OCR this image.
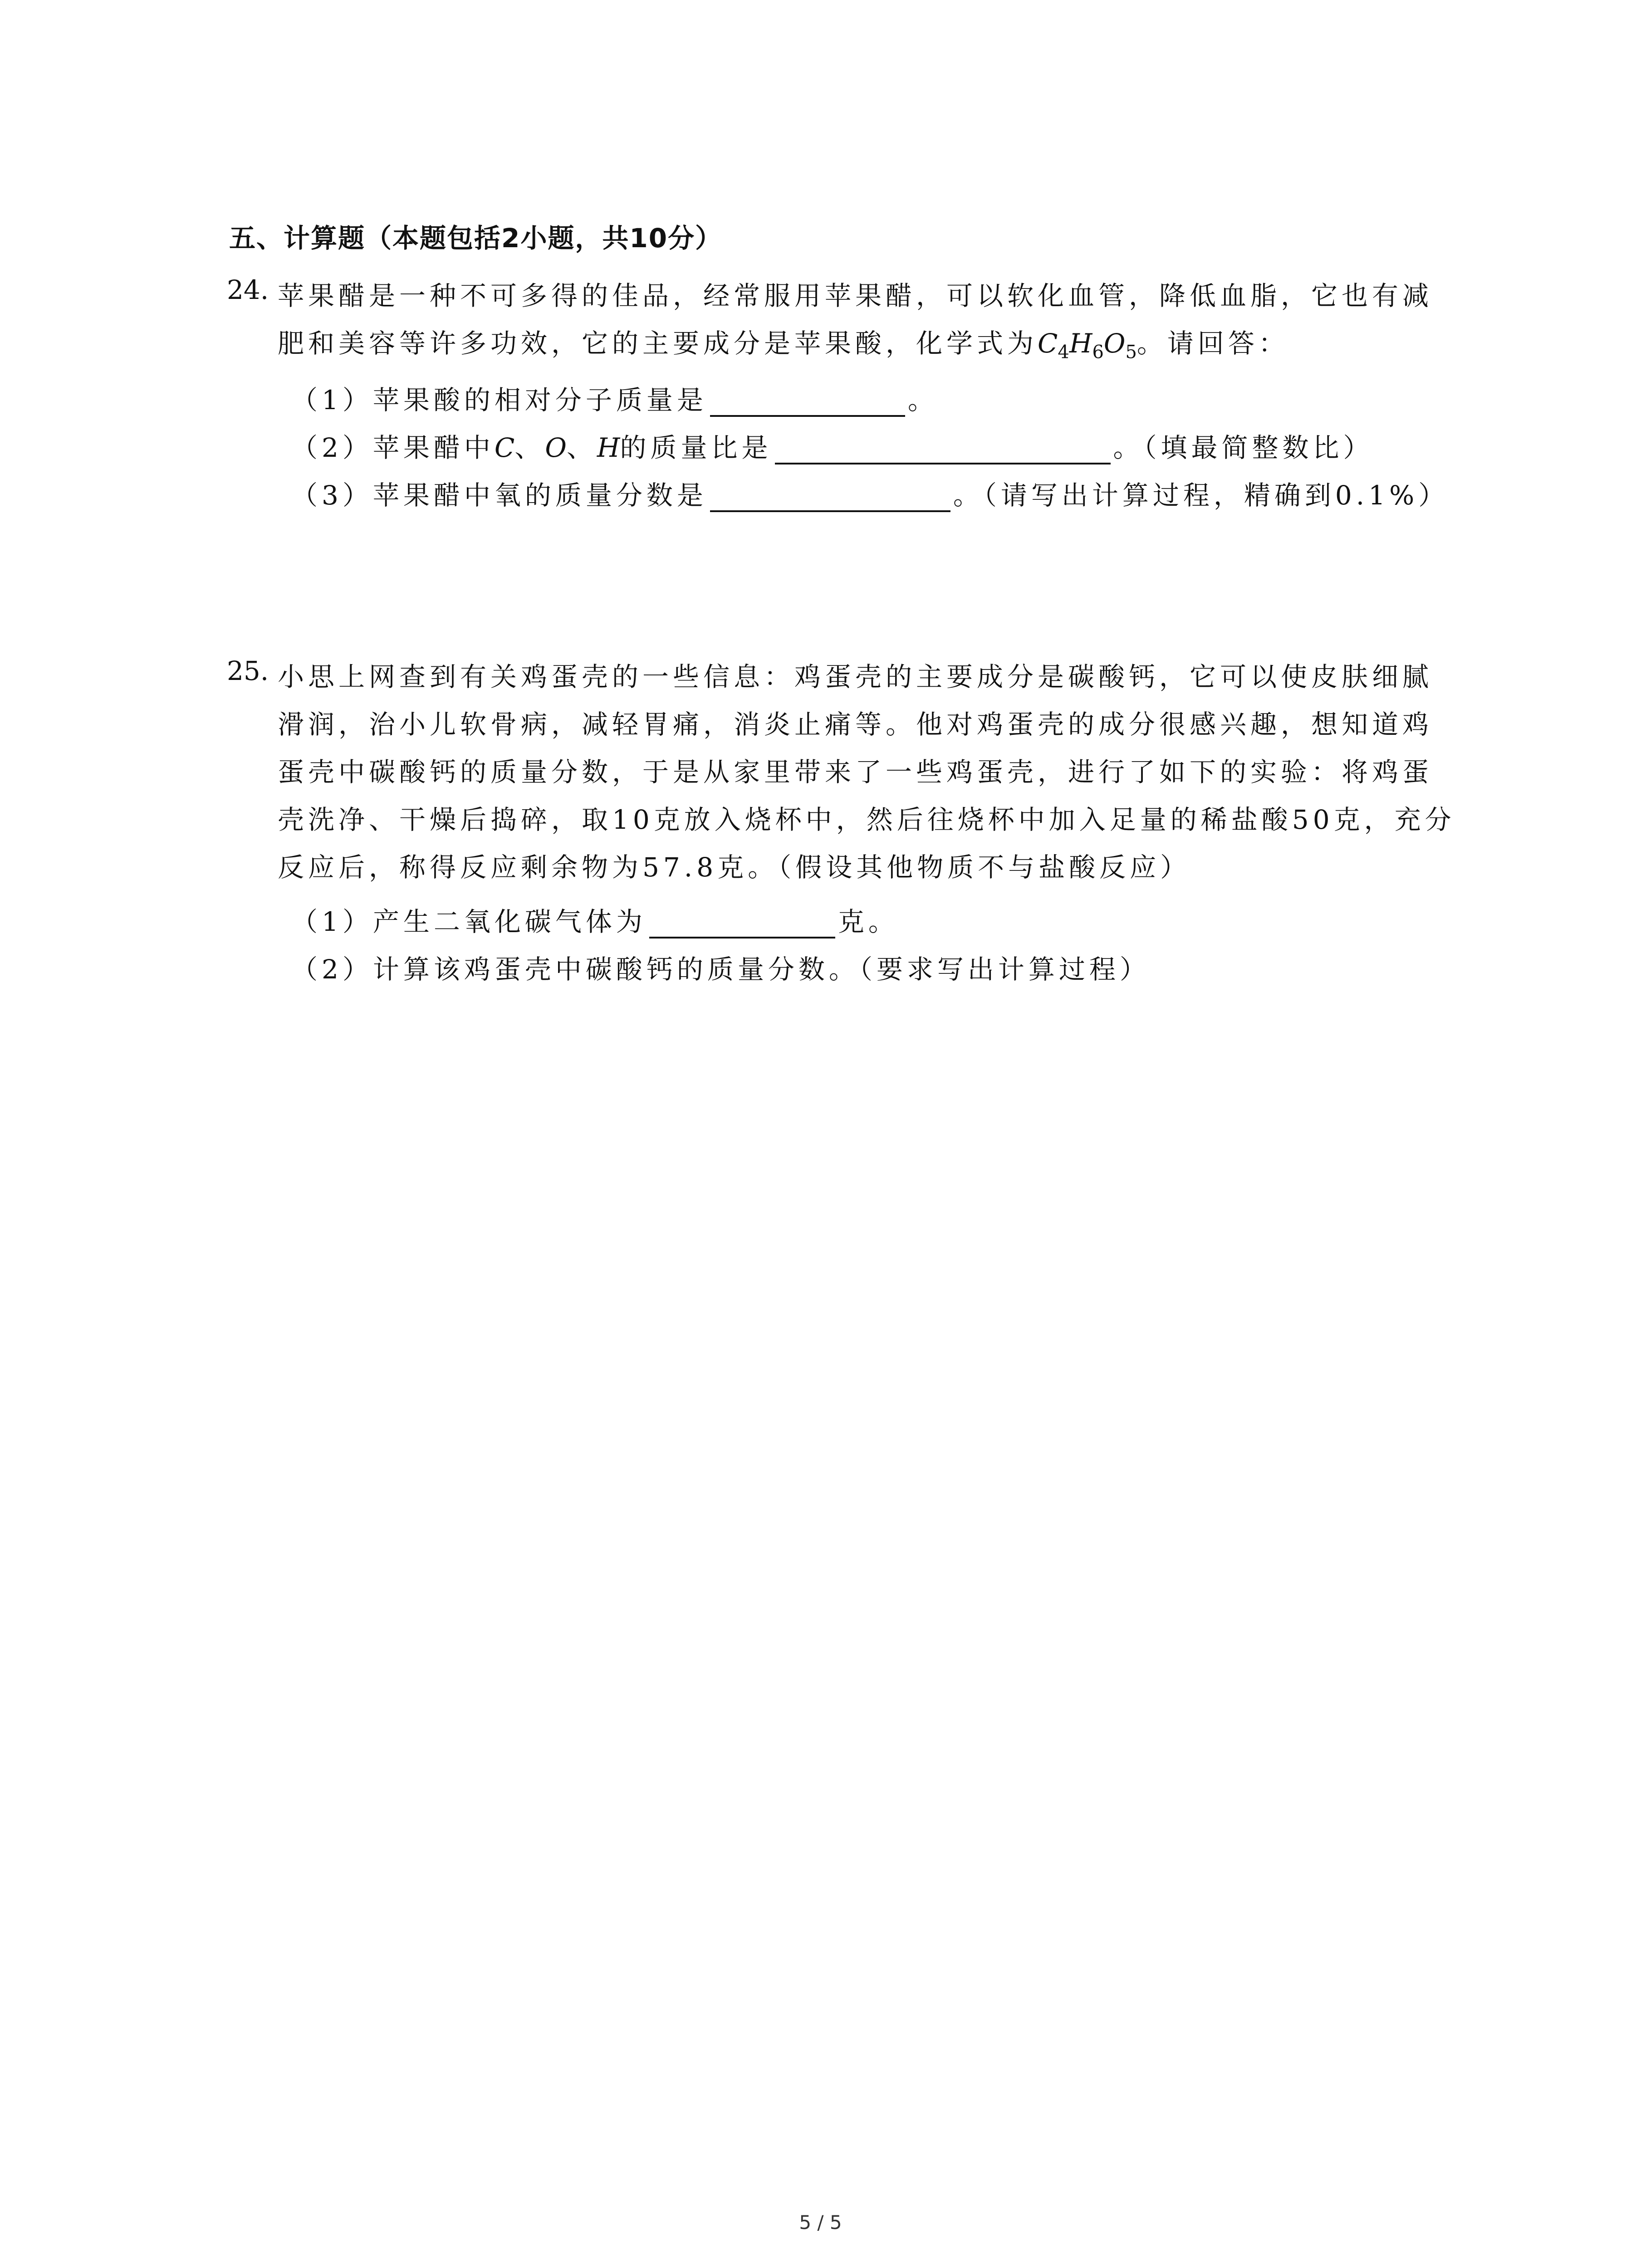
五、计算题（本题包括2小题，共10分）
24. 苹果醋是一种不可多得的佳品，经常服用苹果醋，可以软化血管，降低血脂，它也有减
肥和美容等许多功效，它的主要成分是苹果酸，化学式为$C_4H_6O_5$。请回答：
（1）苹果酸的相对分子质量是	。
（2）苹果醋中C、O、H的质量比是	。（填最简整数比）
（3）苹果醋中氧的质量分数是	。（请写出计算过程，精确到0.1%）
25. 小思上网查到有关鸡蛋壳的一些信息：鸡蛋壳的主要成分是碳酸钙，它可以使皮肤细腻
滑润，治小儿软骨病，减轻胃痛，消炎止痛等。他对鸡蛋壳的成分很感兴趣，想知道鸡
蛋壳中碳酸钙的质量分数，于是从家里带来了一些鸡蛋壳，进行了如下的实验：将鸡蛋
壳洗净、干燥后捣碎，取10克放入烧杯中，然后往烧杯中加入足量的稀盐酸50克，充分
反应后，称得反应剩余物为57.8克。（假设其他物质不与盐酸反应）
（1）产生二氧化碳气体为	克。
（2）计算该鸡蛋壳中碳酸钙的质量分数。（要求写出计算过程）
5 / 5
